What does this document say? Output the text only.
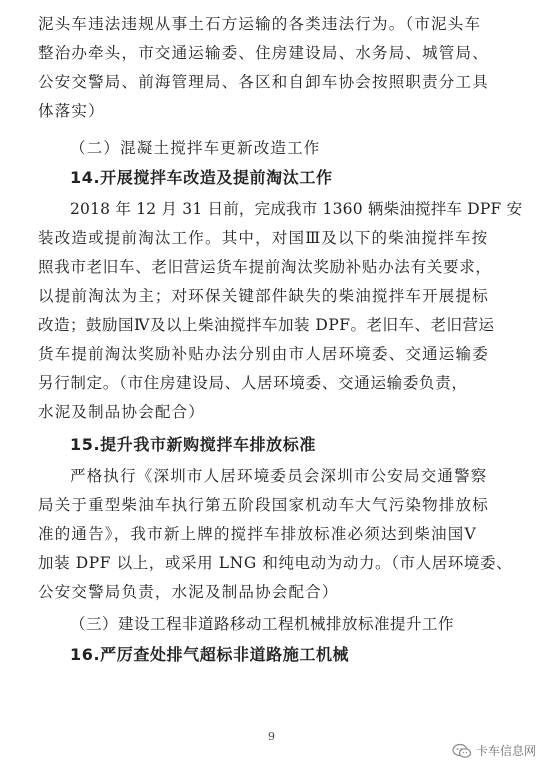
泥头车违法违规从事土石方运输的各类违法行为。（市泥头车
整治办牵头，市交通运输委、住房建设局、水务局、城管局、
公安交警局、前海管理局、各区和自卸车协会按照职责分工具
体落实）
（二）混凝土搅拌车更新改造工作
14.开展搅拌车改造及提前淘汰工作
2018 年 12 月 31 日前，完成我市 1360 辆柴油搅拌车 DPF 安
装改造或提前淘汰工作。其中，对国Ⅲ及以下的柴油搅拌车按
照我市老旧车、老旧营运货车提前淘汰奖励补贴办法有关要求，
以提前淘汰为主；对环保关键部件缺失的柴油搅拌车开展提标
改造；鼓励国Ⅳ及以上柴油搅拌车加装 DPF。老旧车、老旧营运
货车提前淘汰奖励补贴办法分别由市人居环境委、交通运输委
另行制定。（市住房建设局、人居环境委、交通运输委负责，
水泥及制品协会配合）
15.提升我市新购搅拌车排放标准
严格执行《深圳市人居环境委员会深圳市公安局交通警察
局关于重型柴油车执行第五阶段国家机动车大气污染物排放标
准的通告》，我市新上牌的搅拌车排放标准必须达到柴油国Ⅴ
加装 DPF 以上，或采用 LNG 和纯电动为动力。（市人居环境委、
公安交警局负责，水泥及制品协会配合）
（三）建设工程非道路移动工程机械排放标准提升工作
16.严厉查处排气超标非道路施工机械
9
卡车信息网
